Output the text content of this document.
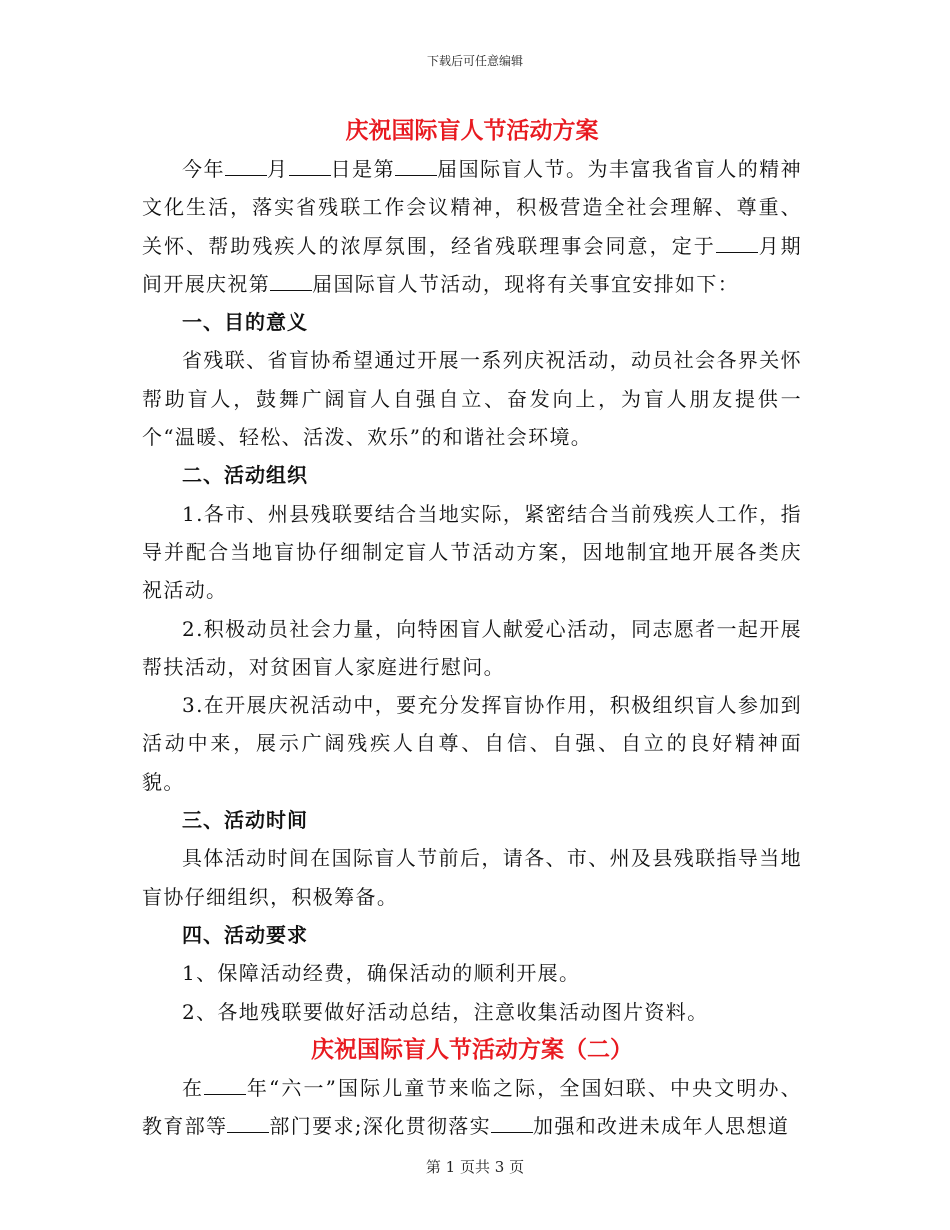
下载后可任意编辑
庆祝国际盲人节活动方案

今年 月 日是第 届国际盲人节。为丰富我省盲人的精神文化生活，落实省残联工作会议精神，积极营造全社会理解、尊重、关怀、帮助残疾人的浓厚氛围，经省残联理事会同意，定于 月期间开展庆祝第 届国际盲人节活动，现将有关事宜安排如下：

一、目的意义

省残联、省盲协希望通过开展一系列庆祝活动，动员社会各界关怀帮助盲人，鼓舞广阔盲人自强自立、奋发向上，为盲人朋友提供一个“温暖、轻松、活泼、欢乐”的和谐社会环境。

二、活动组织

1.各市、州县残联要结合当地实际，紧密结合当前残疾人工作，指导并配合当地盲协仔细制定盲人节活动方案，因地制宜地开展各类庆祝活动。

2.积极动员社会力量，向特困盲人献爱心活动，同志愿者一起开展帮扶活动，对贫困盲人家庭进行慰问。

3.在开展庆祝活动中，要充分发挥盲协作用，积极组织盲人参加到活动中来，展示广阔残疾人自尊、自信、自强、自立的良好精神面貌。

三、活动时间

具体活动时间在国际盲人节前后，请各、市、州及县残联指导当地盲协仔细组织，积极筹备。

四、活动要求

1、保障活动经费，确保活动的顺利开展。

2、各地残联要做好活动总结，注意收集活动图片资料。

庆祝国际盲人节活动方案（二）

在 年“六一”国际儿童节来临之际，全国妇联、中央文明办、教育部等 部门要求;深化贯彻落实 加强和改进未成年人思想道

第 1 页共 3 页
